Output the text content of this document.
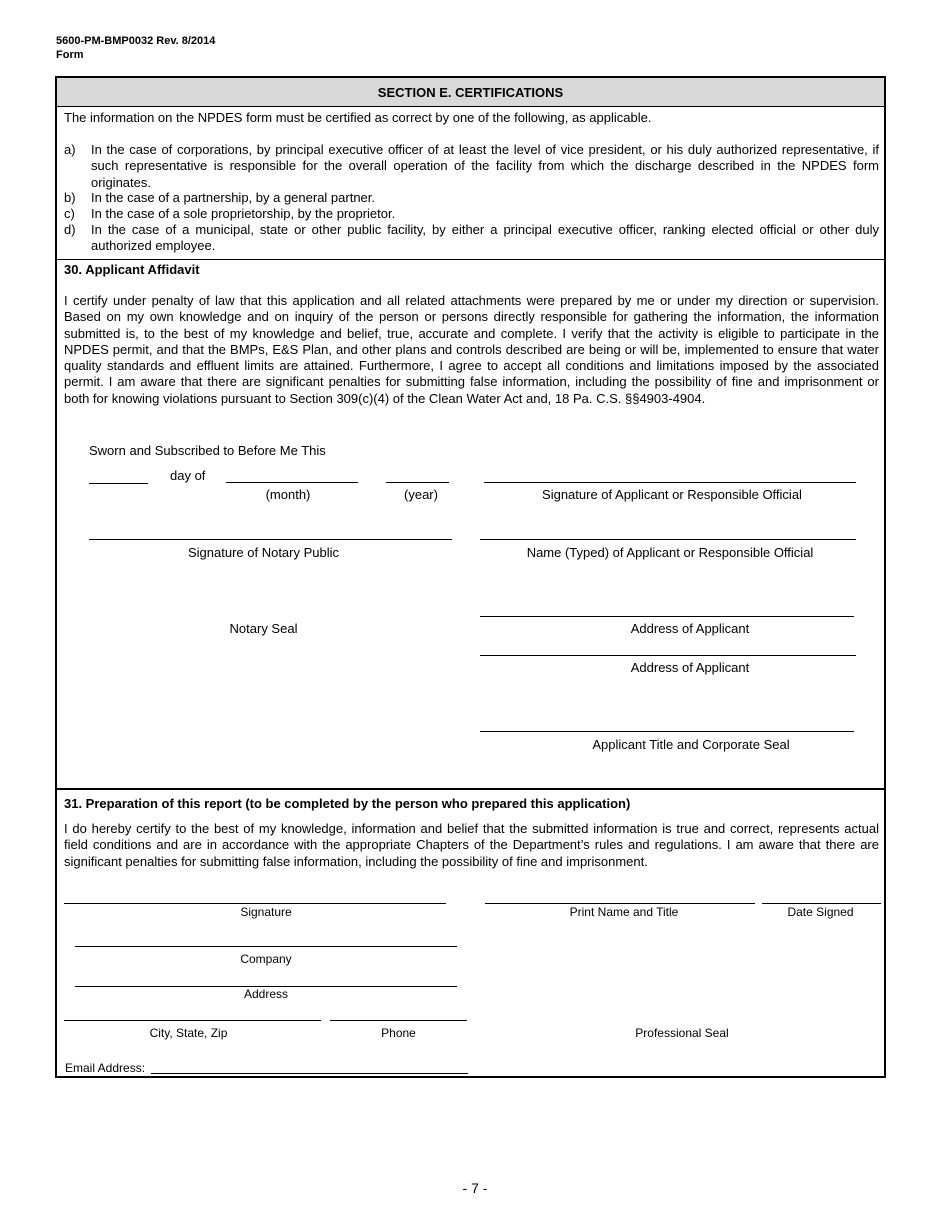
5600-PM-BMP0032 Rev. 8/2014
Form
SECTION E. CERTIFICATIONS
The information on the NPDES form must be certified as correct by one of the following, as applicable.
a)	In the case of corporations, by principal executive officer of at least the level of vice president, or his duly authorized representative, if such representative is responsible for the overall operation of the facility from which the discharge described in the NPDES form originates.
b)	In the case of a partnership, by a general partner.
c)	In the case of a sole proprietorship, by the proprietor.
d)	In the case of a municipal, state or other public facility, by either a principal executive officer, ranking elected official or other duly authorized employee.
30. Applicant Affidavit
I certify under penalty of law that this application and all related attachments were prepared by me or under my direction or supervision. Based on my own knowledge and on inquiry of the person or persons directly responsible for gathering the information, the information submitted is, to the best of my knowledge and belief, true, accurate and complete. I verify that the activity is eligible to participate in the NPDES permit, and that the BMPs, E&S Plan, and other plans and controls described are being or will be, implemented to ensure that water quality standards and effluent limits are attained. Furthermore, I agree to accept all conditions and limitations imposed by the associated permit. I am aware that there are significant penalties for submitting false information, including the possibility of fine and imprisonment or both for knowing violations pursuant to Section 309(c)(4) of the Clean Water Act and, 18 Pa. C.S. §§4903-4904.
Sworn and Subscribed to Before Me This
day of
(month)	(year)	Signature of Applicant or Responsible Official
Signature of Notary Public	Name (Typed) of Applicant or Responsible Official
Notary Seal	Address of Applicant
Address of Applicant
Applicant Title and Corporate Seal
31. Preparation of this report (to be completed by the person who prepared this application)
I do hereby certify to the best of my knowledge, information and belief that the submitted information is true and correct, represents actual field conditions and are in accordance with the appropriate Chapters of the Department’s rules and regulations. I am aware that there are significant penalties for submitting false information, including the possibility of fine and imprisonment.
Signature	Print Name and Title	Date Signed
Company
Address
City, State, Zip	Phone	Professional Seal
Email Address:
- 7 -
